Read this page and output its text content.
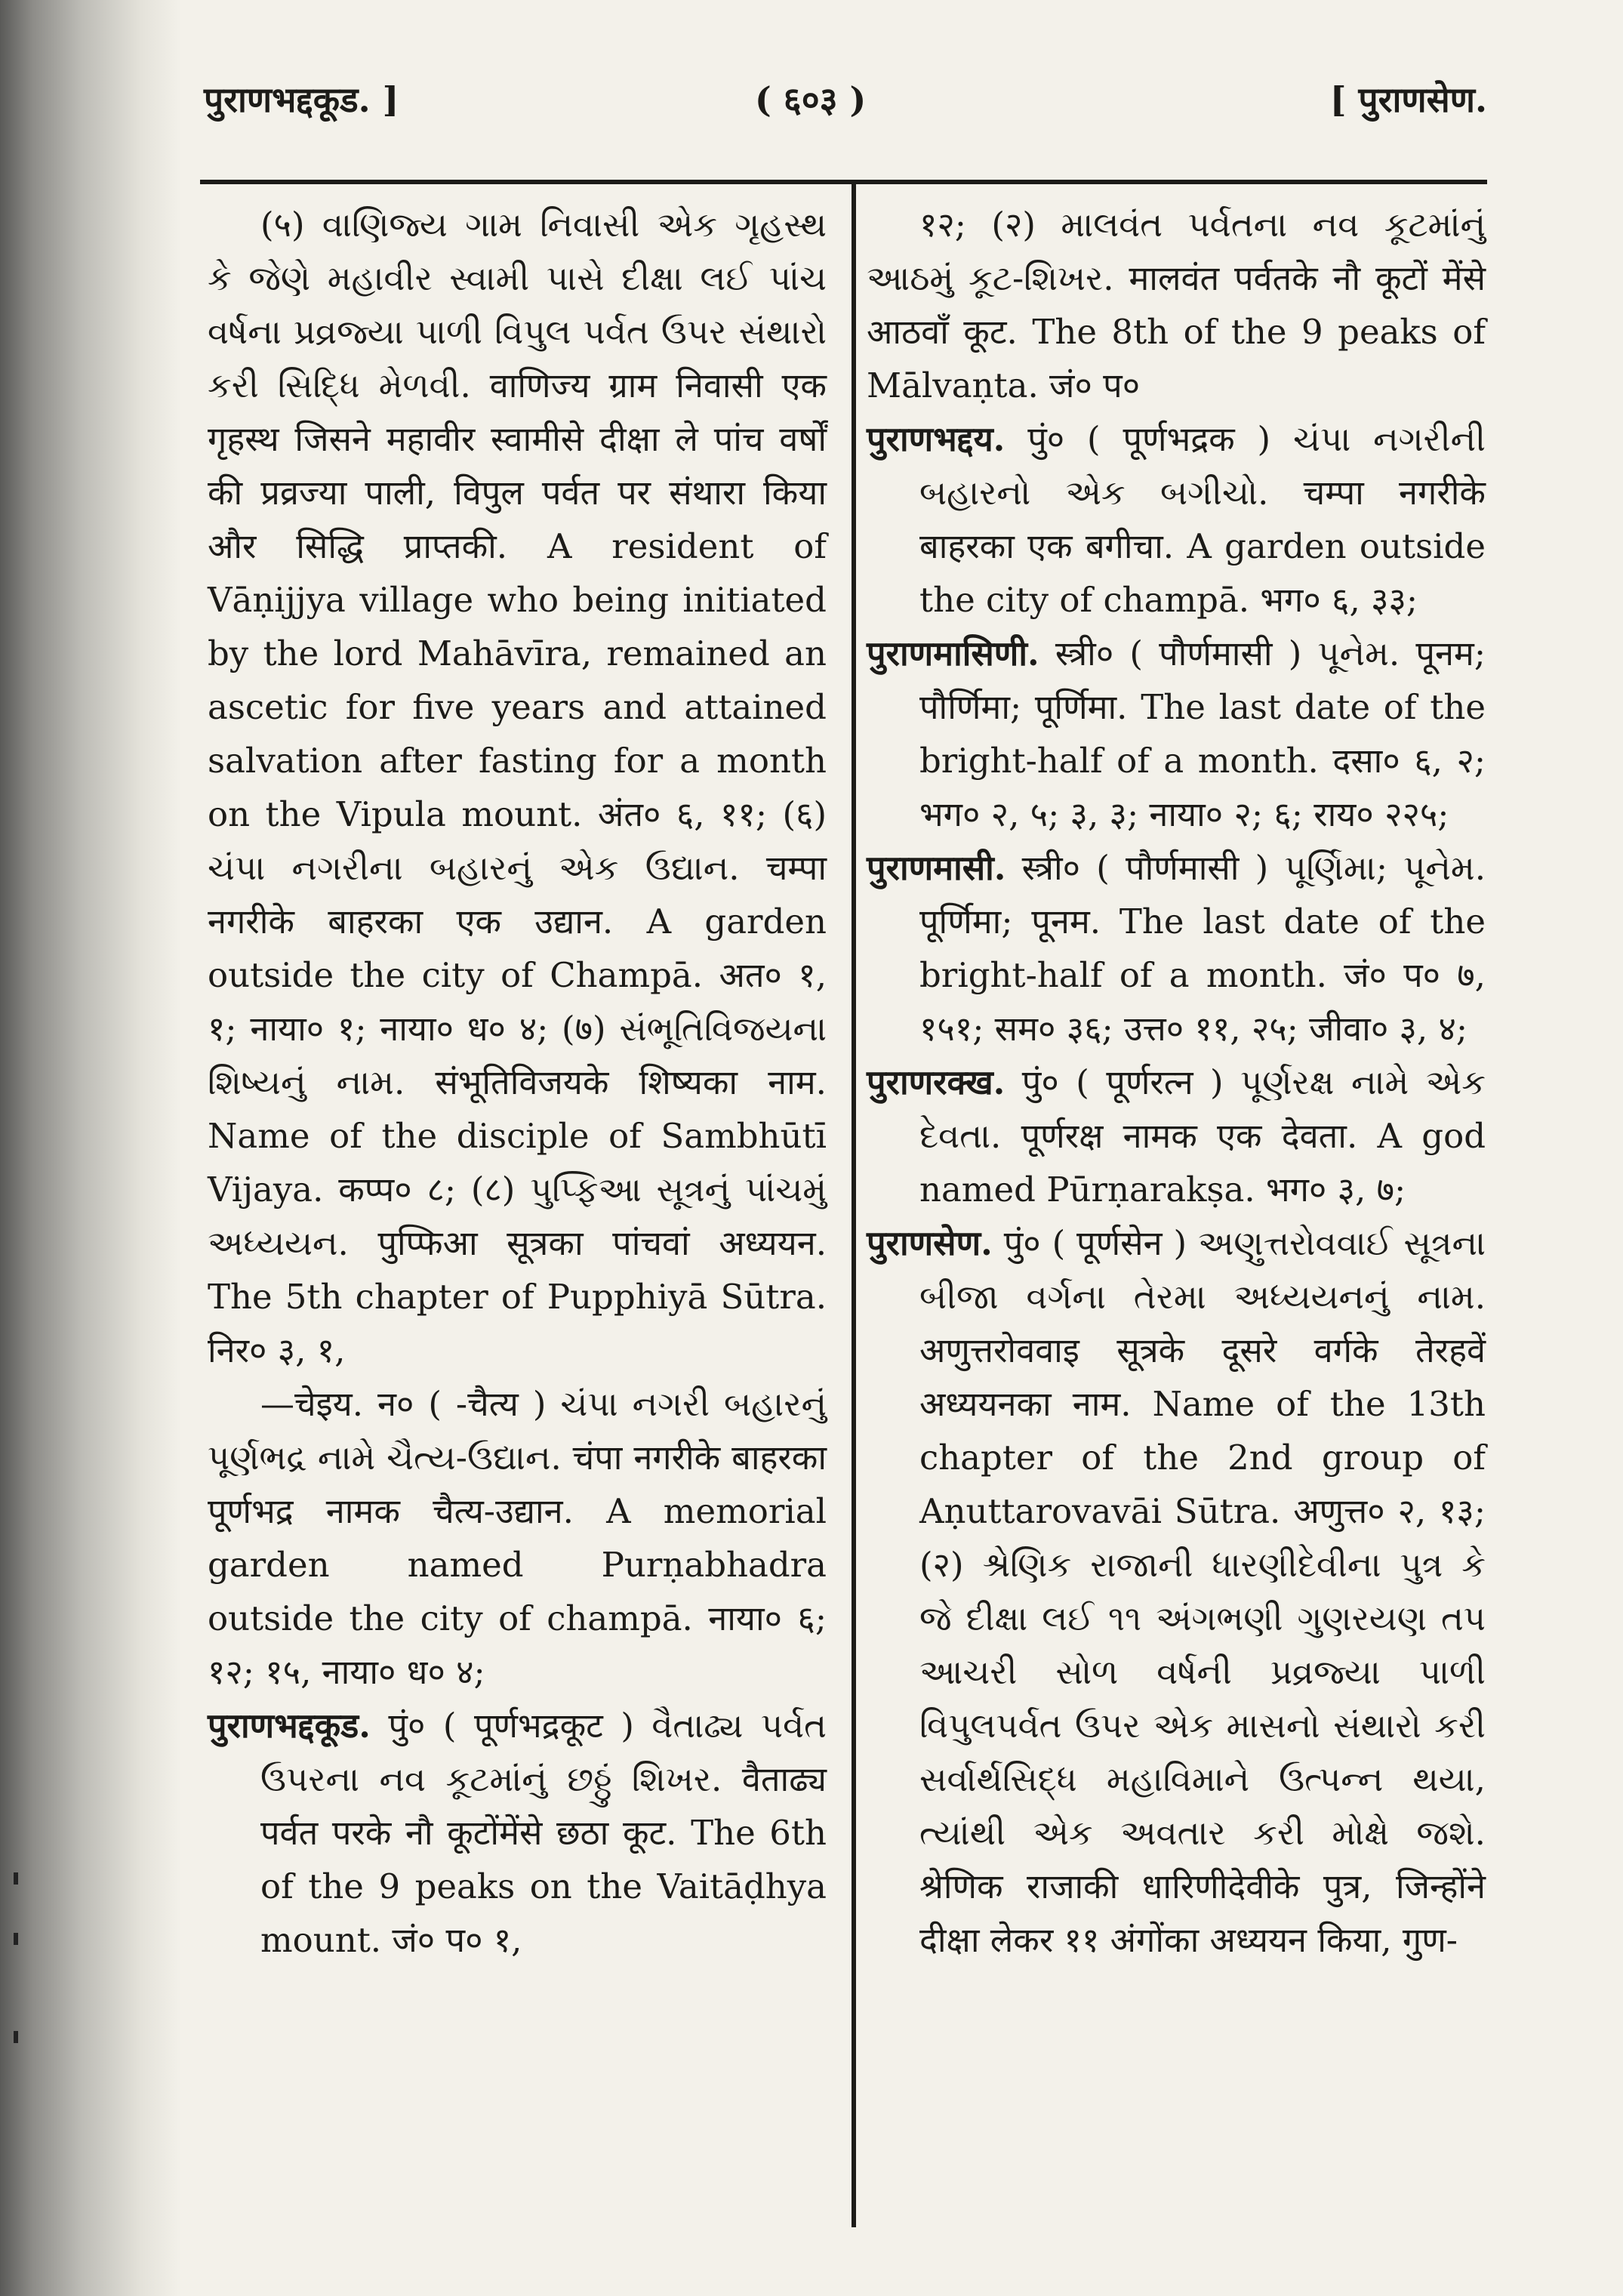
पुराणभद्दकूड. ]	( ६०३ )	[ पुराणसेण.

(५) વાણિજ્ય ગામ નિવાસી એક ગૃહસ્થ કે જેણે મહાવીર સ્વામી પાસે દીક્ષા લઈ પાંચ વર્ષના પ્રવ્રજ્યા પાળી વિપુલ પર્વત ઉપર સંથારો કરી સિદ્ધિ મેળવી. वाणिज्य ग्राम निवासी एक गृहस्थ जिसने महावीर स्वामीसे दीक्षा ले पांच वर्षों की प्रव्रज्या पाली, विपुल पर्वत पर संथारा किया और सिद्धि प्राप्तकी. A resident of Vāṇijjya village who being initiated by the lord Mahāvīra, remained an ascetic for five years and attained salvation after fasting for a month on the Vipula mount. अंत० ६, ११; (६) ચંપા નગરીના બહારનું એક ઉદ્યાન. चम्पा नगरीके बाहरका एक उद्यान. A garden outside the city of Champā. अत० १, १; नाया० १; नाया० ध० ४; (७) સંભૂતિવિજયના શિષ્યનું નામ. संभूतिविजयके शिष्यका नाम. Name of the disciple of Sambhūtī Vijaya. कप्प० ८; (८) પુપ્ફિઆ સૂત્રનું પાંચમું અધ્યયન. पुप्फिआ सूत्रका पांचवां अध्ययन. The 5th chapter of Pupphiyā Sūtra. निर० ३, १,

—चेइय. न० ( -चैत्य ) ચંપા નગરી બહારનું પૂર્ણભદ્ર નામે ચૈત્ય-ઉદ્યાન. चंपा नगरीके बाहरका पूर्णभद्र नामक चैत्य-उद्यान. A memorial garden named Purṇabhadra outside the city of champā. नाया० ६; १२; १५, नाया० ध० ४;

पुराणभद्दकूड. पुं० ( पूर्णभद्रकूट ) વૈતાઢ્ય પર્વત ઉપરના નવ કૂટમાંનું છઠ્ઠું શિખર. वैताढ्य पर्वत परके नौ कूटोंमेंसे छठा कूट. The 6th of the 9 peaks on the Vaitāḍhya mount. जं० प० १,

१२; (२) માલવંત પર્વતના નવ કૂટમાંનું આઠમું કૂટ-શિખર. मालवंत पर्वतके नौ कूटों मेंसे आठवाँ कूट. The 8th of the 9 peaks of Mālvaṇta. जं० प०

पुराणभद्दय. पुं० ( पूर्णभद्रक ) ચંપા નગરીની બહારનો એક બગીચો. चम्पा नगरीके बाहरका एक बगीचा. A garden outside the city of champā. भग० ६, ३३;

पुराणमासिणी. स्त्री० ( पौर्णमासी ) પૂનેમ. पूनम; पौर्णिमा; पूर्णिमा. The last date of the bright-half of a month. दसा० ६, २; भग० २, ५; ३, ३; नाया० २; ६; राय० २२५;

पुराणमासी. स्त्री० ( पौर्णमासी ) પૂર્ણિમા; પૂનેમ. पूर्णिमा; पूनम. The last date of the bright-half of a month. जं० प० ७, १५१; सम० ३६; उत्त० ११, २५; जीवा० ३, ४;

पुराणरक्ख. पुं० ( पूर्णरत्न ) પૂર્ણરક્ષ નામે એક દેવતા. पूर्णरक्ष नामक एक देवता. A god named Pūrṇarakṣa. भग० ३, ७;

पुराणसेण. पुं० ( पूर्णसेन ) અણુત્તરોવવાઈ સૂત્રના બીજા વર્ગના તેરમા અધ્યયનનું નામ. अणुत्तरोववाइ सूत्रके दूसरे वर्गके तेरहवें अध्ययनका नाम. Name of the 13th chapter of the 2nd group of Aṇuttarovavāi Sūtra. अणुत्त० २, १३; (२) શ્રેણિક રાજાની ધારણીદેવીના પુત્ર કે જે દીક્ષા લઈ ૧૧ અંગભણી ગુણરયણ તપ આચરી સોળ વર્ષની પ્રવ્રજ્યા પાળી વિપુલપર્વત ઉપર એક માસનો સંથારો કરી સર્વાર્થસિદ્ધ મહાવિમાને ઉત્પન્ન થયા, ત્યાંથી એક અવતાર કરી મોક્ષે જશે. श्रेणिक राजाकी धारिणीदेवीके पुत्र, जिन्होंने दीक्षा लेकर ११ अंगोंका अध्ययन किया, गुण-
